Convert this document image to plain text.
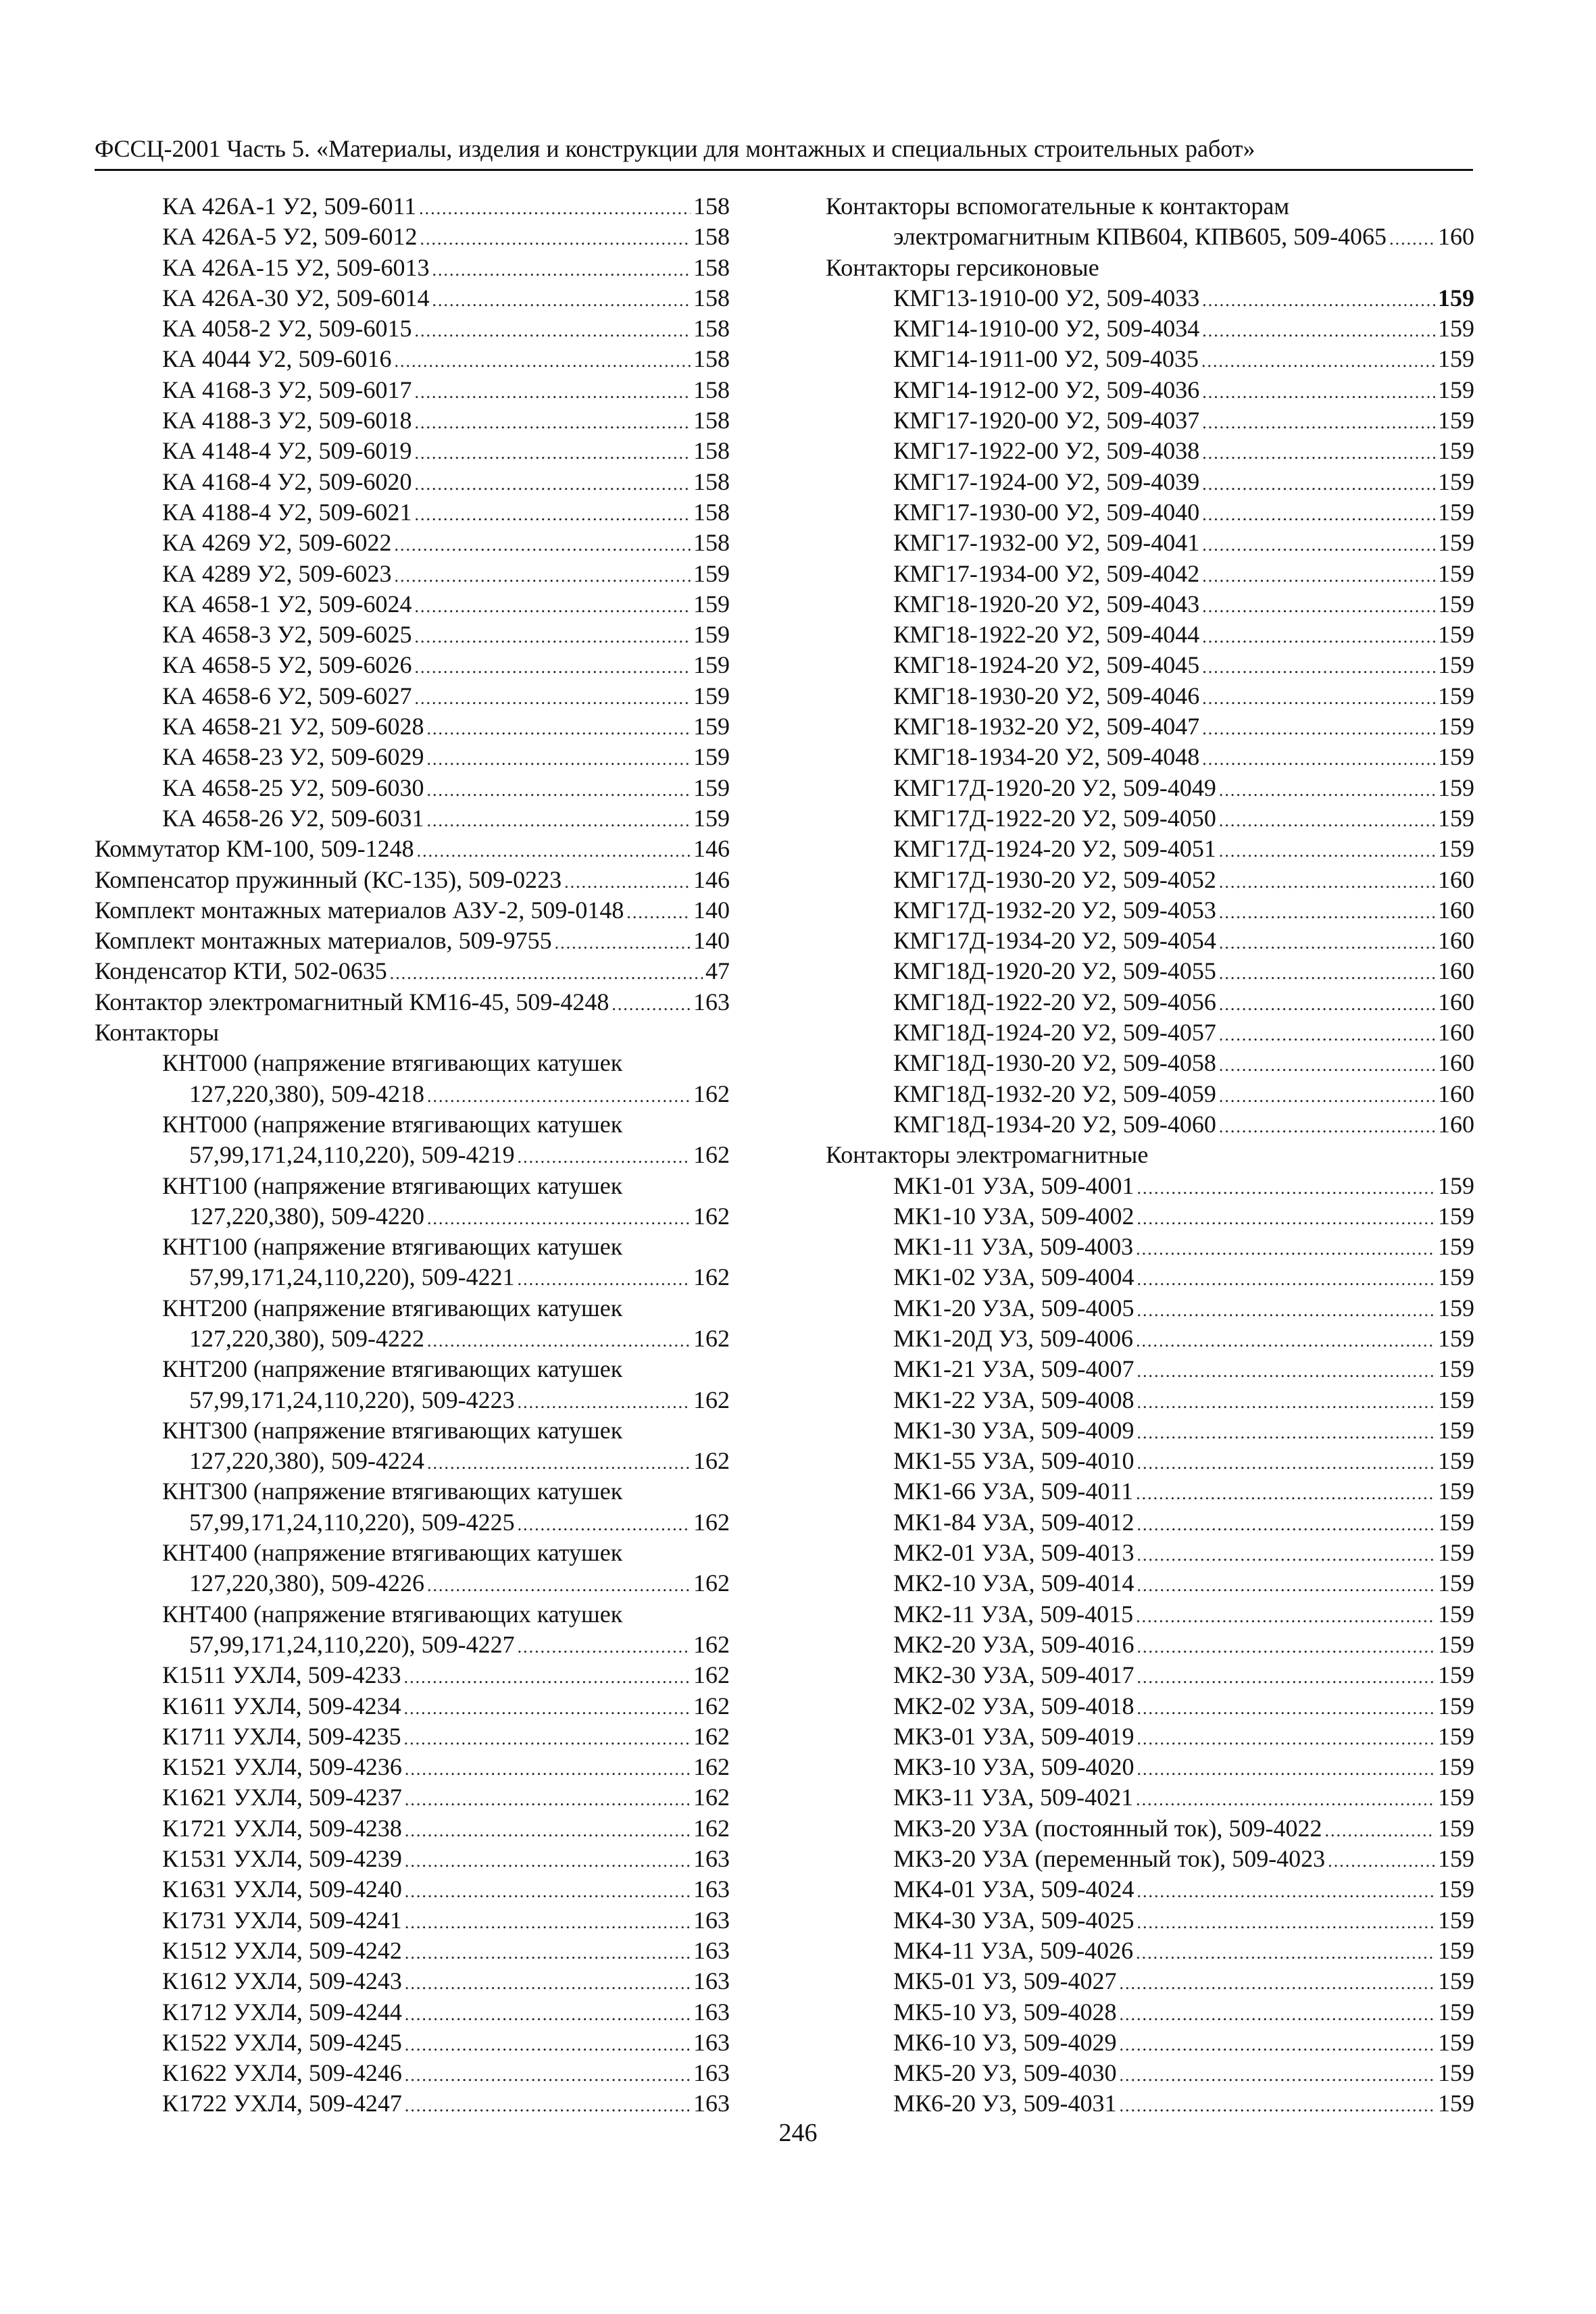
ФССЦ-2001 Часть 5. «Материалы, изделия и конструкции для монтажных и специальных строительных работ»
КА 426А-1 У2, 509-6011 .....	158
КА 426А-5 У2, 509-6012 .....	158
КА 426А-15 У2, 509-6013 .....	158
КА 426А-30 У2, 509-6014 .....	158
КА 4058-2 У2, 509-6015 .....	158
КА 4044 У2, 509-6016 .....	158
КА 4168-3 У2, 509-6017 .....	158
КА 4188-3 У2, 509-6018 .....	158
КА 4148-4 У2, 509-6019 .....	158
КА 4168-4 У2, 509-6020 .....	158
КА 4188-4 У2, 509-6021 .....	158
КА 4269 У2, 509-6022 .....	158
КА 4289 У2, 509-6023 .....	159
КА 4658-1 У2, 509-6024 .....	159
КА 4658-3 У2, 509-6025 .....	159
КА 4658-5 У2, 509-6026 .....	159
КА 4658-6 У2, 509-6027 .....	159
КА 4658-21 У2, 509-6028 .....	159
КА 4658-23 У2, 509-6029 .....	159
КА 4658-25 У2, 509-6030 .....	159
КА 4658-26 У2, 509-6031 .....	159
Коммутатор КМ-100, 509-1248 .....	146
Компенсатор пружинный (КС-135), 509-0223 .....	146
Комплект монтажных материалов АЗУ-2, 509-0148 .....	140
Комплект монтажных материалов, 509-9755 .....	140
Конденсатор КТИ, 502-0635 .....	47
Контактор электромагнитный КМ16-45, 509-4248 .....	163
Контакторы
КНТ000 (напряжение втягивающих катушек
127,220,380), 509-4218 .....	162
КНТ000 (напряжение втягивающих катушек
57,99,171,24,110,220), 509-4219 .....	162
КНТ100 (напряжение втягивающих катушек
127,220,380), 509-4220 .....	162
КНТ100 (напряжение втягивающих катушек
57,99,171,24,110,220), 509-4221 .....	162
КНТ200 (напряжение втягивающих катушек
127,220,380), 509-4222 .....	162
КНТ200 (напряжение втягивающих катушек
57,99,171,24,110,220), 509-4223 .....	162
КНТ300 (напряжение втягивающих катушек
127,220,380), 509-4224 .....	162
КНТ300 (напряжение втягивающих катушек
57,99,171,24,110,220), 509-4225 .....	162
КНТ400 (напряжение втягивающих катушек
127,220,380), 509-4226 .....	162
КНТ400 (напряжение втягивающих катушек
57,99,171,24,110,220), 509-4227 .....	162
К1511 УХЛ4, 509-4233 .....	162
К1611 УХЛ4, 509-4234 .....	162
К1711 УХЛ4, 509-4235 .....	162
К1521 УХЛ4, 509-4236 .....	162
К1621 УХЛ4, 509-4237 .....	162
К1721 УХЛ4, 509-4238 .....	162
К1531 УХЛ4, 509-4239 .....	163
К1631 УХЛ4, 509-4240 .....	163
К1731 УХЛ4, 509-4241 .....	163
К1512 УХЛ4, 509-4242 .....	163
К1612 УХЛ4, 509-4243 .....	163
К1712 УХЛ4, 509-4244 .....	163
К1522 УХЛ4, 509-4245 .....	163
К1622 УХЛ4, 509-4246 .....	163
К1722 УХЛ4, 509-4247 .....	163
Контакторы вспомогательные к контакторам
электромагнитным КПВ604, КПВ605, 509-4065 ..... 160
Контакторы герсиконовые
КМГ13-1910-00 У2, 509-4033 .....	159
КМГ14-1910-00 У2, 509-4034 .....	159
КМГ14-1911-00 У2, 509-4035 .....	159
КМГ14-1912-00 У2, 509-4036 .....	159
КМГ17-1920-00 У2, 509-4037 .....	159
КМГ17-1922-00 У2, 509-4038 .....	159
КМГ17-1924-00 У2, 509-4039 .....	159
КМГ17-1930-00 У2, 509-4040 .....	159
КМГ17-1932-00 У2, 509-4041 .....	159
КМГ17-1934-00 У2, 509-4042 .....	159
КМГ18-1920-20 У2, 509-4043 .....	159
КМГ18-1922-20 У2, 509-4044 .....	159
КМГ18-1924-20 У2, 509-4045 .....	159
КМГ18-1930-20 У2, 509-4046 .....	159
КМГ18-1932-20 У2, 509-4047 .....	159
КМГ18-1934-20 У2, 509-4048 .....	159
КМГ17Д-1920-20 У2, 509-4049 .....	159
КМГ17Д-1922-20 У2, 509-4050 .....	159
КМГ17Д-1924-20 У2, 509-4051 .....	159
КМГ17Д-1930-20 У2, 509-4052 .....	160
КМГ17Д-1932-20 У2, 509-4053 .....	160
КМГ17Д-1934-20 У2, 509-4054 .....	160
КМГ18Д-1920-20 У2, 509-4055 .....	160
КМГ18Д-1922-20 У2, 509-4056 .....	160
КМГ18Д-1924-20 У2, 509-4057 .....	160
КМГ18Д-1930-20 У2, 509-4058 .....	160
КМГ18Д-1932-20 У2, 509-4059 .....	160
КМГ18Д-1934-20 У2, 509-4060 .....	160
Контакторы электромагнитные
МК1-01 У3А, 509-4001 .....	159
МК1-10 У3А, 509-4002 .....	159
МК1-11 У3А, 509-4003 .....	159
МК1-02 У3А, 509-4004 .....	159
МК1-20 У3А, 509-4005 .....	159
МК1-20Д У3, 509-4006 .....	159
МК1-21 У3А, 509-4007 .....	159
МК1-22 У3А, 509-4008 .....	159
МК1-30 У3А, 509-4009 .....	159
МК1-55 У3А, 509-4010 .....	159
МК1-66 У3А, 509-4011 .....	159
МК1-84 У3А, 509-4012 .....	159
МК2-01 У3А, 509-4013 .....	159
МК2-10 У3А, 509-4014 .....	159
МК2-11 У3А, 509-4015 .....	159
МК2-20 У3А, 509-4016 .....	159
МК2-30 У3А, 509-4017 .....	159
МК2-02 У3А, 509-4018 .....	159
МК3-01 У3А, 509-4019 .....	159
МК3-10 У3А, 509-4020 .....	159
МК3-11 У3А, 509-4021 .....	159
МК3-20 У3А (постоянный ток), 509-4022 .....	159
МК3-20 У3А (переменный ток), 509-4023 .....	159
МК4-01 У3А, 509-4024 .....	159
МК4-30 У3А, 509-4025 .....	159
МК4-11 У3А, 509-4026 .....	159
МК5-01 У3, 509-4027 .....	159
МК5-10 У3, 509-4028 .....	159
МК6-10 У3, 509-4029 .....	159
МК5-20 У3, 509-4030 .....	159
МК6-20 У3, 509-4031 .....	159
246
